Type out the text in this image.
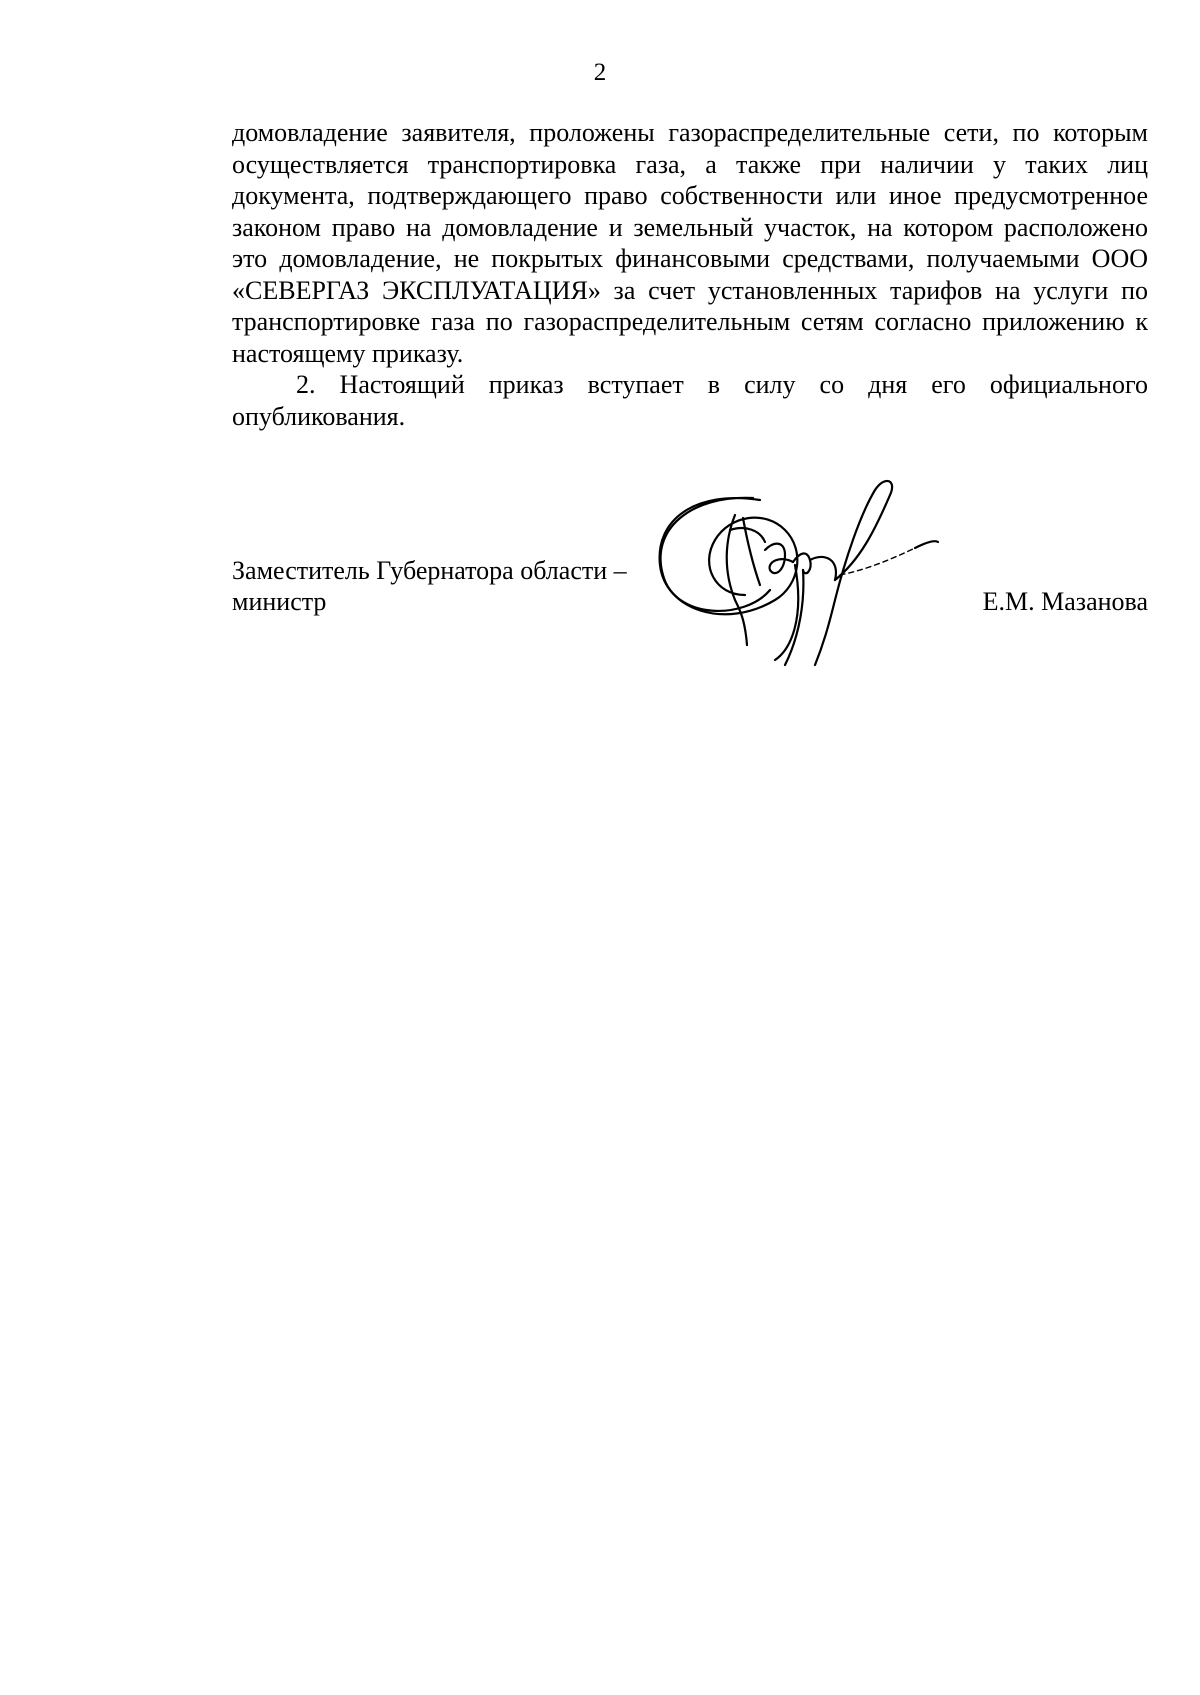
2

домовладение заявителя, проложены газораспределительные сети, по которым осуществляется транспортировка газа, а также при наличии у таких лиц документа, подтверждающего право собственности или иное предусмотренное законом право на домовладение и земельный участок, на котором расположено это домовладение, не покрытых финансовыми средствами, получаемыми ООО «СЕВЕРГАЗ ЭКСПЛУАТАЦИЯ» за счет установленных тарифов на услуги по транспортировке газа по газораспределительным сетям согласно приложению к настоящему приказу.

2. Настоящий приказ вступает в силу со дня его официального опубликования.

Заместитель Губернатора области –
министр	Е.М. Мазанова
